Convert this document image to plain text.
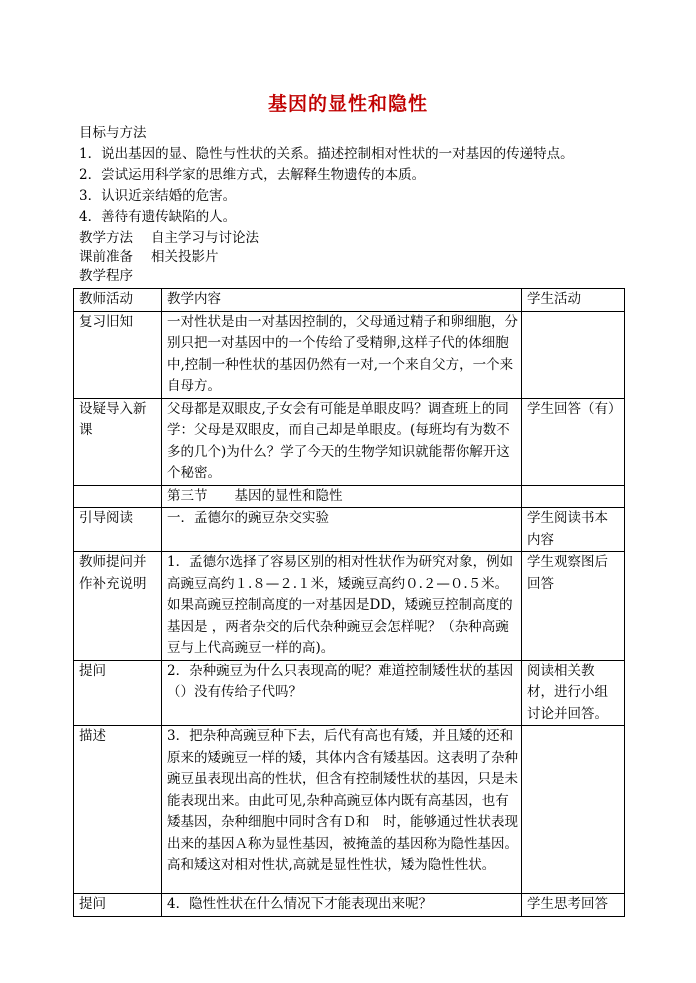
基因的显性和隐性
目标与方法
1．说出基因的显、隐性与性状的关系。描述控制相对性状的一对基因的传递特点。
2．尝试运用科学家的思维方式，去解释生物遗传的本质。
3．认识近亲结婚的危害。
4．善待有遗传缺陷的人。
教学方法 自主学习与讨论法
课前准备 相关投影片
教学程序
教师活动	教学内容	学生活动
复习旧知	一对性状是由一对基因控制的，父母通过精子和卵细胞，分别只把一对基因中的一个传给了受精卵,这样子代的体细胞中,控制一种性状的基因仍然有一对,一个来自父方，一个来自母方。	
设疑导入新课	父母都是双眼皮,子女会有可能是单眼皮吗？调查班上的同学：父母是双眼皮，而自己却是单眼皮。(每班均有为数不多的几个)为什么？学了今天的生物学知识就能帮你解开这个秘密。	学生回答（有）
	第三节　　基因的显性和隐性	
引导阅读	一．孟德尔的豌豆杂交实验	学生阅读书本内容
教师提问并作补充说明	1．孟德尔选择了容易区别的相对性状作为研究对象，例如高豌豆高约１.８—２.１米，矮豌豆高约０.２—０.５米。如果高豌豆控制高度的一对基因是DD，矮豌豆控制高度的基因是 ，两者杂交的后代杂种豌豆会怎样呢？（杂种高豌豆与上代高豌豆一样的高)。	学生观察图后回答
提问	2．杂种豌豆为什么只表现高的呢？难道控制矮性状的基因（）没有传给子代吗？	阅读相关教材，进行小组讨论并回答。
描述	3．把杂种高豌豆种下去，后代有高也有矮，并且矮的还和原来的矮豌豆一样的矮，其体内含有矮基因。这表明了杂种豌豆虽表现出高的性状，但含有控制矮性状的基因，只是未能表现出来。由此可见,杂种高豌豆体内既有高基因，也有矮基因，杂种细胞中同时含有Ｄ和　时，能够通过性状表现出来的基因Ａ称为显性基因，被掩盖的基因称为隐性基因。高和矮这对相对性状,高就是显性性状，矮为隐性性状。	
提问	4．隐性性状在什么情况下才能表现出来呢？	学生思考回答
